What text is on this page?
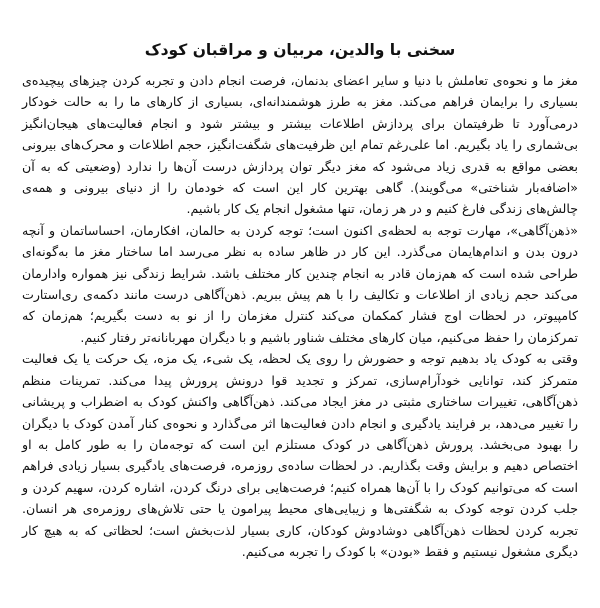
سخنی با والدین، مربیان و مراقبان کودک

مغز ما و نحوه‌ی تعاملش با دنیا و سایر اعضای بدنمان، فرصت انجام دادن و تجربه کردن چیزهای پیچیده‌ی بسیاری را برایمان فراهم می‌کند. مغز به طرز هوشمندانه‌ای، بسیاری از کارهای ما را به حالت خودکار درمی‌آورد تا ظرفیتمان برای پردازش اطلاعات بیشتر و بیشتر شود و انجام فعالیت‌های هیجان‌انگیز بی‌شماری را یاد بگیریم. اما علی‌رغم تمام این ظرفیت‌های شگفت‌انگیز، حجم اطلاعات و محرک‌های بیرونی بعضی مواقع به قدری زیاد می‌شود که مغز دیگر توان پردازش درست آن‌ها را ندارد (وضعیتی که به آن «اضافه‌بار شناختی» می‌گویند). گاهی بهترین کار این است که خودمان را از دنیای بیرونی و همه‌ی چالش‌های زندگی فارغ کنیم و در هر زمان، تنها مشغول انجام یک کار باشیم.

«ذهن‌آگاهی»، مهارت توجه به لحظه‌ی اکنون است؛ توجه کردن به حالمان، افکارمان، احساساتمان و آنچه درون بدن و اندام‌هایمان می‌گذرد. این کار در ظاهر ساده به نظر می‌رسد اما ساختار مغز ما به‌گونه‌ای طراحی شده است که هم‌زمان قادر به انجام چندین کار مختلف باشد. شرایط زندگی نیز همواره وادارمان می‌کند حجم زیادی از اطلاعات و تکالیف را با هم پیش ببریم. ذهن‌آگاهی درست مانند دکمه‌ی ری‌استارت کامپیوتر، در لحظات اوج فشار کمکمان می‌کند کنترل مغزمان را از نو به دست بگیریم؛ هم‌زمان که تمرکزمان را حفظ می‌کنیم، میان کارهای مختلف شناور باشیم و با دیگران مهربانانه‌تر رفتار کنیم.

وقتی به کودک یاد بدهیم توجه و حضورش را روی یک لحظه، یک شیء، یک مزه، یک حرکت یا یک فعالیت متمرکز کند، توانایی خودآرام‌سازی، تمرکز و تجدید قوا درونش پرورش پیدا می‌کند. تمرینات منظم ذهن‌آگاهی، تغییرات ساختاری مثبتی در مغز ایجاد می‌کند. ذهن‌آگاهی واکنش کودک به اضطراب و پریشانی را تغییر می‌دهد، بر فرایند یادگیری و انجام دادن فعالیت‌ها اثر می‌گذارد و نحوه‌ی کنار آمدن کودک با دیگران را بهبود می‌بخشد. پرورش ذهن‌آگاهی در کودک مستلزم این است که توجه‌مان را به طور کامل به او اختصاص دهیم و برایش وقت بگذاریم. در لحظات ساده‌ی روزمره، فرصت‌های یادگیری بسیار زیادی فراهم است که می‌توانیم کودک را با آن‌ها همراه کنیم؛ فرصت‌هایی برای درنگ کردن، اشاره کردن، سهیم کردن و جلب کردن توجه کودک به شگفتی‌ها و زیبایی‌های محیط پیرامون یا حتی تلاش‌های روزمره‌ی هر انسان. تجربه کردن لحظات ذهن‌آگاهی دوشادوش کودکان، کاری بسیار لذت‌بخش است؛ لحظاتی که به هیچ کار دیگری مشغول نیستیم و فقط «بودن» با کودک را تجربه می‌کنیم.
